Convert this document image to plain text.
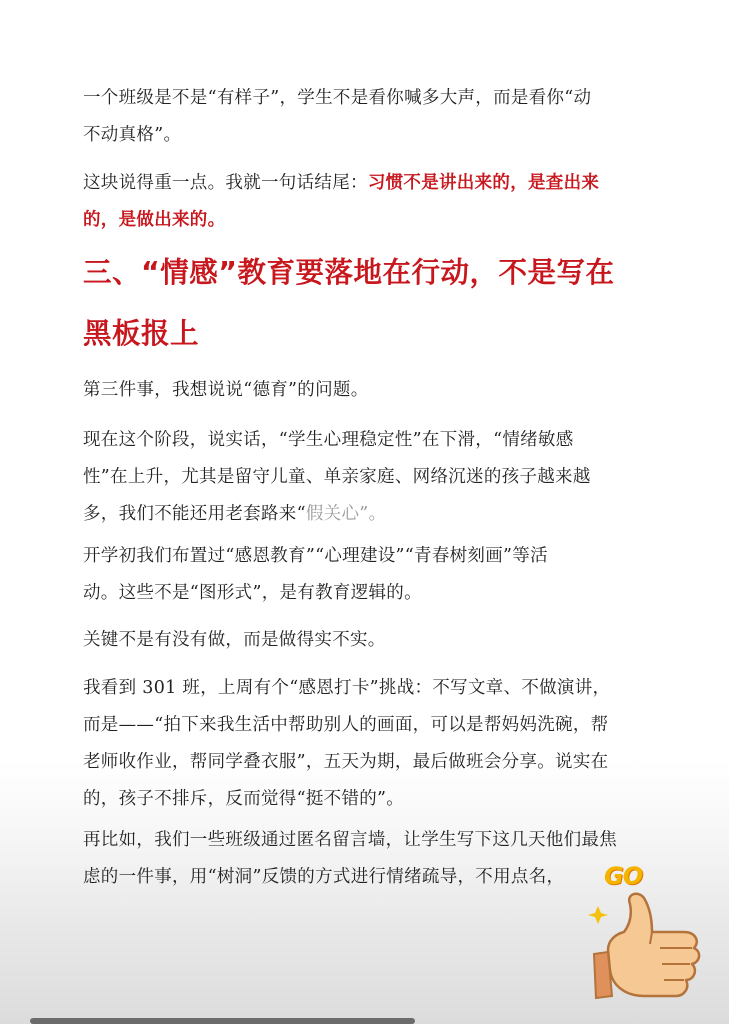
一个班级是不是“有样子”，学生不是看你喊多大声，而是看你“动
不动真格”。
这块说得重一点。我就一句话结尾：习惯不是讲出来的，是查出来
的，是做出来的。
三、“情感”教育要落地在行动，不是写在
黑板报上
第三件事，我想说说“德育”的问题。
现在这个阶段，说实话，“学生心理稳定性”在下滑，“情绪敏感
性”在上升，尤其是留守儿童、单亲家庭、网络沉迷的孩子越来越
多，我们不能还用老套路来“假关心”。
开学初我们布置过“感恩教育”“心理建设”“青春树刻画”等活
动。这些不是“图形式”，是有教育逻辑的。
关键不是有没有做，而是做得实不实。
我看到 301 班，上周有个“感恩打卡”挑战：不写文章、不做演讲，
而是——“拍下来我生活中帮助别人的画面，可以是帮妈妈洗碗，帮
老师收作业，帮同学叠衣服”，五天为期，最后做班会分享。说实在
的，孩子不排斥，反而觉得“挺不错的”。
再比如，我们一些班级通过匿名留言墙，让学生写下这几天他们最焦
虑的一件事，用“树洞”反馈的方式进行情绪疏导，不用点名，	GO
